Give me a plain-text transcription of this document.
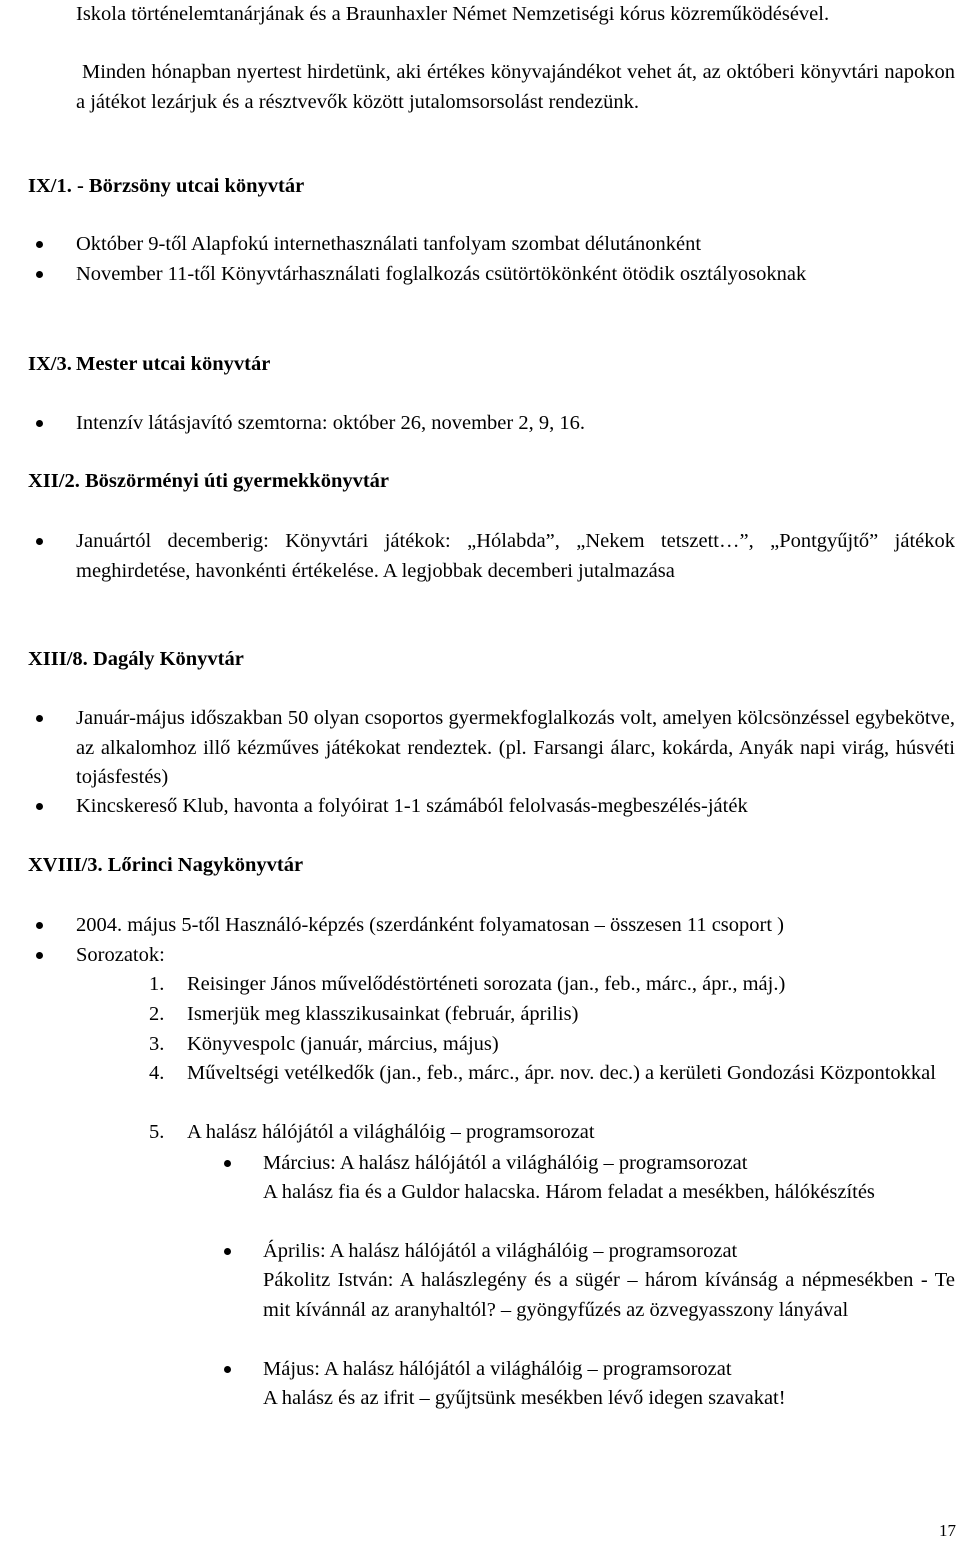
Iskola történelemtanárjának és a Braunhaxler Német Nemzetiségi kórus közreműködésével.

Minden hónapban nyertest hirdetünk, aki értékes könyvajándékot vehet át, az októberi könyvtári napokon a játékot lezárjuk és a résztvevők között jutalomsorsolást rendezünk.

IX/1. - Börzsöny utcai könyvtár

Október 9-től Alapfokú internethasználati tanfolyam szombat délutánonként

November 11-től Könyvtárhasználati foglalkozás csütörtökönként ötödik osztályosoknak

IX/3. Mester utcai könyvtár

Intenzív látásjavító szemtorna: október 26, november 2, 9, 16.

XII/2. Böszörményi úti gyermekkönyvtár

Januártól decemberig: Könyvtári játékok: „Hólabda”, „Nekem tetszett…”, „Pontgyűjtő” játékok meghirdetése, havonkénti értékelése. A legjobbak decemberi jutalmazása

XIII/8. Dagály Könyvtár

Január-május időszakban 50 olyan csoportos gyermekfoglalkozás volt, amelyen kölcsönzéssel egybekötve, az alkalomhoz illő kézműves játékokat rendeztek. (pl. Farsangi álarc, kokárda, Anyák napi virág, húsvéti tojásfestés)

Kincskereső Klub, havonta a folyóirat 1-1 számából felolvasás-megbeszélés-játék

XVIII/3. Lőrinci Nagykönyvtár

2004. május 5-től Használó-képzés (szerdánként folyamatosan – összesen 11 csoport )

Sorozatok:

1. Reisinger János művelődéstörténeti sorozata (jan., feb., márc., ápr., máj.)

2. Ismerjük meg klasszikusainkat (február, április)

3. Könyvespolc (január, március, május)

4. Műveltségi vetélkedők (jan., feb., márc., ápr. nov. dec.) a kerületi Gondozási Központokkal

5. A halász hálójától a világhálóig – programsorozat

Március: A halász hálójától a világhálóig – programsorozat

A halász fia és a Guldor halacska. Három feladat a mesékben, hálókészítés

Április: A halász hálójától a világhálóig – programsorozat

Pákolitz István: A halászlegény és a sügér – három kívánság a népmesékben - Te mit kívánnál az aranyhaltól? – gyöngyfűzés az özvegyasszony lányával

Május: A halász hálójától a világhálóig – programsorozat

A halász és az ifrit – gyűjtsünk mesékben lévő idegen szavakat!

17
